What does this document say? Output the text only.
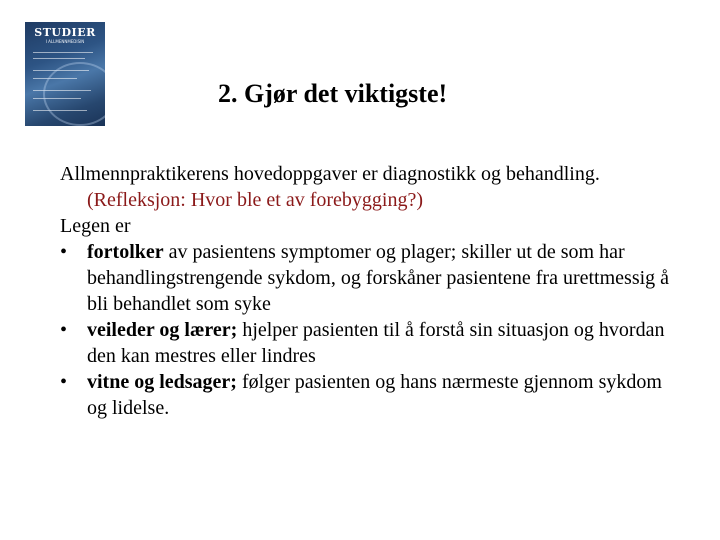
STUDIER
I ALLMENNMEDISIN
2. Gjør det viktigste!

Allmennpraktikerens hovedoppgaver er diagnostikk og behandling. (Refleksjon: Hvor ble et av forebygging?)

Legen er

• fortolker av pasientens symptomer og plager; skiller ut de som har behandlingstrengende sykdom, og forskåner pasientene fra urettmessig å bli behandlet som syke
• veileder og lærer; hjelper pasienten til å forstå sin situasjon og hvordan den kan mestres eller lindres
• vitne og ledsager; følger pasienten og hans nærmeste gjennom sykdom og lidelse.
